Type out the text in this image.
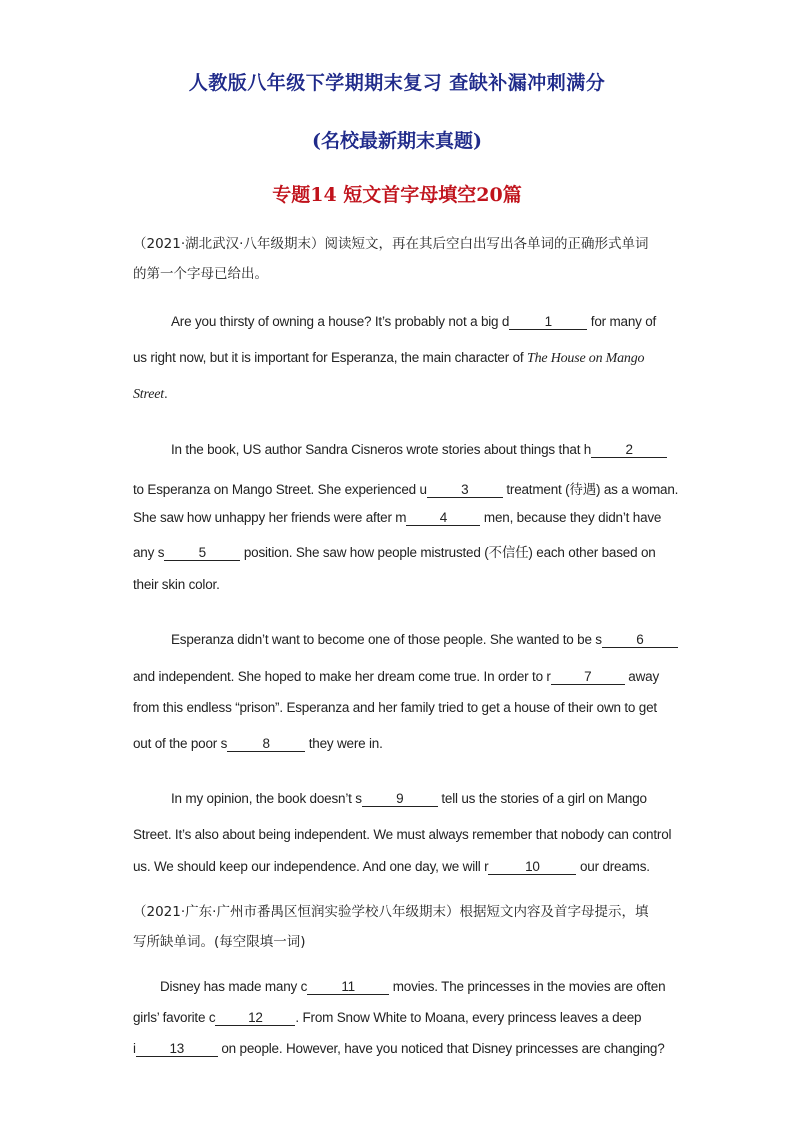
人教版八年级下学期期末复习 查缺补漏冲刺满分
(名校最新期末真题)
专题14 短文首字母填空20篇
（2021·湖北武汉·八年级期末）阅读短文，再在其后空白出写出各单词的正确形式单词
的第一个字母已给出。
Are you thirsty of owning a house? It’s probably not a big d	1	for many of
us right now, but it is important for Esperanza, the main character of The House on Mango
Street.
In the book, US author Sandra Cisneros wrote stories about things that h	2
to Esperanza on Mango Street. She experienced u	3	treatment (待遇) as a woman.
She saw how unhappy her friends were after m 4 men, because they didn’t have
any s	5	position. She saw how people mistrusted (不信任) each other based on
their skin color.
Esperanza didn’t want to become one of those people. She wanted to be s	6
and independent. She hoped to make her dream come true. In order to r 7 away
from this endless “prison”. Esperanza and her family tried to get a house of their own to get
out of the poor s	8	they were in.
In my opinion, the book doesn’t s	9	tell us the stories of a girl on Mango
Street. It’s also about being independent. We must always remember that nobody can control
us. We should keep our independence. And one day, we will r	10	our dreams.
（2021·广东·广州市番禺区恒润实验学校八年级期末）根据短文内容及首字母提示，填
写所缺单词。(每空限填一词)
Disney has made many c	11	movies. The princesses in the movies are often
girls’ favorite c 12 . From Snow White to Moana, every princess leaves a deep
i 13 on people. However, have you noticed that Disney princesses are changing?
